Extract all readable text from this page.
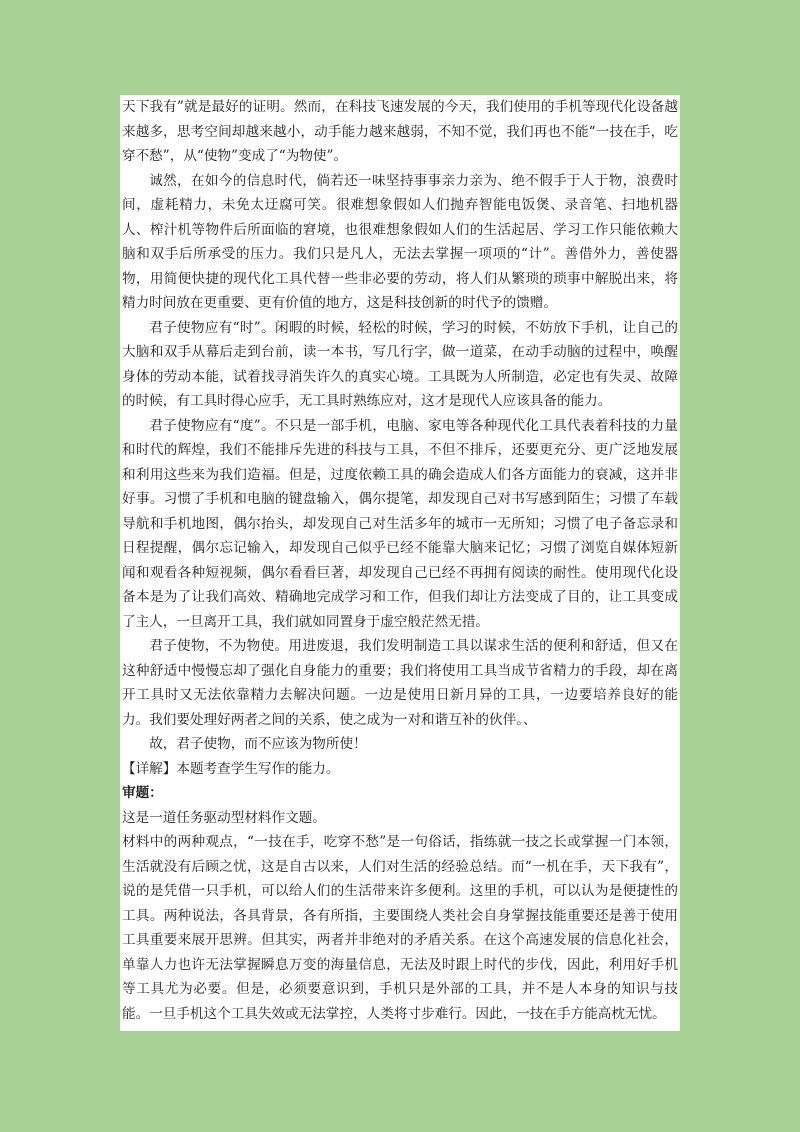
天下我有”就是最好的证明。然而，在科技飞速发展的今天，我们使用的手机等现代化设备越来越多，思考空间却越来越小，动手能力越来越弱，不知不觉，我们再也不能“一技在手，吃穿不愁”，从“使物”变成了“为物使”。

诚然，在如今的信息时代，倘若还一味坚持事事亲力亲为、绝不假手于人于物，浪费时间，虚耗精力，未免太迂腐可笑。很难想象假如人们抛弃智能电饭煲、录音笔、扫地机器人、榨汁机等物件后所面临的窘境，也很难想象假如人们的生活起居、学习工作只能依赖大脑和双手后所承受的压力。我们只是凡人，无法去掌握一项项的“计”。善借外力，善使器物，用简便快捷的现代化工具代替一些非必要的劳动，将人们从繁琐的琐事中解脱出来，将精力时间放在更重要、更有价值的地方，这是科技创新的时代予的馈赠。

君子使物应有“时”。闲暇的时候，轻松的时候，学习的时候，不妨放下手机，让自己的大脑和双手从幕后走到台前，读一本书，写几行字，做一道菜，在动手动脑的过程中，唤醒身体的劳动本能，试着找寻消失许久的真实心境。工具既为人所制造，必定也有失灵、故障的时候，有工具时得心应手，无工具时熟练应对，这才是现代人应该具备的能力。

君子使物应有“度”。不只是一部手机，电脑、家电等各种现代化工具代表着科技的力量和时代的辉煌，我们不能排斥先进的科技与工具，不但不排斥，还要更充分、更广泛地发展和利用这些来为我们造福。但是，过度依赖工具的确会造成人们各方面能力的衰减，这并非好事。习惯了手机和电脑的键盘输入，偶尔提笔，却发现自己对书写感到陌生；习惯了车载导航和手机地图，偶尔抬头，却发现自己对生活多年的城市一无所知；习惯了电子备忘录和日程提醒，偶尔忘记输入，却发现自己似乎已经不能靠大脑来记忆；习惯了浏览自媒体短新闻和观看各种短视频，偶尔看看巨著，却发现自己已经不再拥有阅读的耐性。使用现代化设备本是为了让我们高效、精确地完成学习和工作，但我们却让方法变成了目的，让工具变成了主人，一旦离开工具，我们就如同置身于虚空般茫然无措。

君子使物，不为物使。用进废退，我们发明制造工具以谋求生活的便利和舒适，但又在这种舒适中慢慢忘却了强化自身能力的重要；我们将使用工具当成节省精力的手段，却在离开工具时又无法依靠精力去解决问题。一边是使用日新月异的工具，一边要培养良好的能力。我们要处理好两者之间的关系，使之成为一对和谐互补的伙伴。、

故，君子使物，而不应该为物所使！

【详解】本题考查学生写作的能力。

审题：

这是一道任务驱动型材料作文题。

材料中的两种观点，“一技在手，吃穿不愁”是一句俗话，指练就一技之长或掌握一门本领，生活就没有后顾之忧，这是自古以来，人们对生活的经验总结。而“一机在手，天下我有”，说的是凭借一只手机，可以给人们的生活带来许多便利。这里的手机，可以认为是便捷性的工具。两种说法，各具背景，各有所指，主要围绕人类社会自身掌握技能重要还是善于使用工具重要来展开思辨。但其实，两者并非绝对的矛盾关系。在这个高速发展的信息化社会，单靠人力也许无法掌握瞬息万变的海量信息，无法及时跟上时代的步伐，因此，利用好手机等工具尤为必要。但是，必须要意识到，手机只是外部的工具，并不是人本身的知识与技能。一旦手机这个工具失效或无法掌控，人类将寸步难行。因此，一技在手方能高枕无忧。
